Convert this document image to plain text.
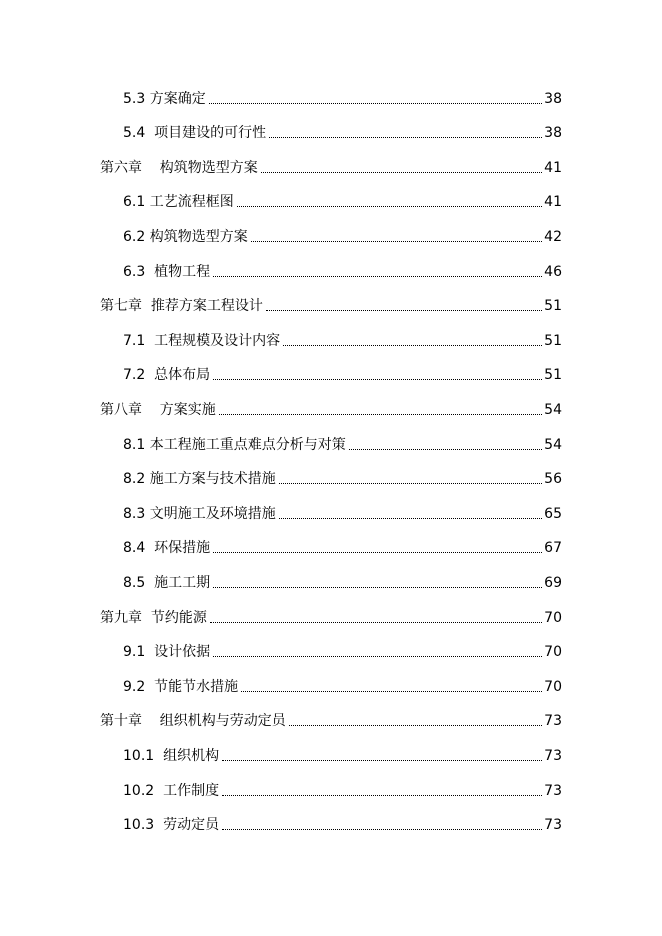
5.3 方案确定	38
5.4  项目建设的可行性	38
第六章    构筑物选型方案	41
6.1 工艺流程框图	41
6.2 构筑物选型方案	42
6.3  植物工程	46
第七章  推荐方案工程设计	51
7.1  工程规模及设计内容	51
7.2  总体布局	51
第八章    方案实施	54
8.1 本工程施工重点难点分析与对策	54
8.2 施工方案与技术措施	56
8.3 文明施工及环境措施	65
8.4  环保措施	67
8.5  施工工期	69
第九章  节约能源	70
9.1  设计依据	70
9.2  节能节水措施	70
第十章    组织机构与劳动定员	73
10.1  组织机构	73
10.2  工作制度	73
10.3  劳动定员	73
